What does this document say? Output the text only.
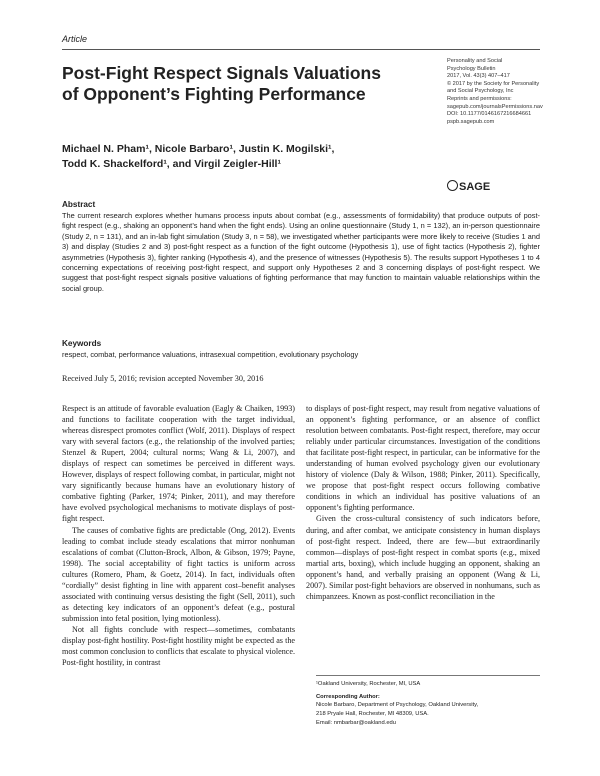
Article
Post-Fight Respect Signals Valuations
of Opponent’s Fighting Performance
Personality and Social
Psychology Bulletin
2017, Vol. 43(3) 407–417
© 2017 by the Society for Personality
and Social Psychology, Inc
Reprints and permissions:
sagepub.com/journalsPermissions.nav
DOI: 10.1177/0146167216684661
pspb.sagepub.com
SAGE
Michael N. Pham¹, Nicole Barbaro¹, Justin K. Mogilski¹,
Todd K. Shackelford¹, and Virgil Zeigler-Hill¹
Abstract
The current research explores whether humans process inputs about combat (e.g., assessments of formidability) that produce outputs of post-fight respect (e.g., shaking an opponent’s hand when the fight ends). Using an online questionnaire (Study 1, n = 132), an in-person questionnaire (Study 2, n = 131), and an in-lab fight simulation (Study 3, n = 58), we investigated whether participants were more likely to receive (Studies 1 and 3) and display (Studies 2 and 3) post-fight respect as a function of the fight outcome (Hypothesis 1), use of fight tactics (Hypothesis 2), fighter asymmetries (Hypothesis 3), fighter ranking (Hypothesis 4), and the presence of witnesses (Hypothesis 5). The results support Hypotheses 1 to 4 concerning expectations of receiving post-fight respect, and support only Hypotheses 2 and 3 concerning displays of post-fight respect. We suggest that post-fight respect signals positive valuations of fighting performance that may function to maintain valuable relationships within the social group.
Keywords
respect, combat, performance valuations, intrasexual competition, evolutionary psychology
Received July 5, 2016; revision accepted November 30, 2016

Respect is an attitude of favorable evaluation (Eagly & Chaiken, 1993) and functions to facilitate cooperation with the target individual, whereas disrespect promotes conflict (Wolf, 2011). Displays of respect vary with several factors (e.g., the relationship of the involved parties; Stenzel & Rupert, 2004; cultural norms; Wang & Li, 2007), and displays of respect can sometimes be perceived in different ways. However, displays of respect following combat, in particular, might not vary significantly because humans have an evolutionary history of combative fighting (Parker, 1974; Pinker, 2011), and may therefore have evolved psychological mechanisms to motivate displays of post-fight respect.

The causes of combative fights are predictable (Ong, 2012). Events leading to combat include steady escalations that mirror nonhuman escalations of combat (Clutton-Brock, Albon, & Gibson, 1979; Payne, 1998). The social acceptability of fight tactics is uniform across cultures (Romero, Pham, & Goetz, 2014). In fact, individuals often “cordially” desist fighting in line with apparent cost–benefit analyses associated with continuing versus desisting the fight (Sell, 2011), such as detecting key indicators of an opponent’s defeat (e.g., postural submission into fetal position, lying motionless).

Not all fights conclude with respect—sometimes, combatants display post-fight hostility. Post-fight hostility might be expected as the most common conclusion to conflicts that escalate to physical violence. Post-fight hostility, in contrast

to displays of post-fight respect, may result from negative valuations of an opponent’s fighting performance, or an absence of conflict resolution between combatants. Post-fight respect, therefore, may occur reliably under particular circumstances. Investigation of the conditions that facilitate post-fight respect, in particular, can be informative for the understanding of human evolved psychology given our evolutionary history of violence (Daly & Wilson, 1988; Pinker, 2011). Specifically, we propose that post-fight respect occurs following combative conditions in which an individual has positive valuations of an opponent’s fighting performance.

Given the cross-cultural consistency of such indicators before, during, and after combat, we anticipate consistency in human displays of post-fight respect. Indeed, there are few—but extraordinarily common—displays of post-fight respect in combat sports (e.g., mixed martial arts, boxing), which include hugging an opponent, shaking an opponent’s hand, and verbally praising an opponent (Wang & Li, 2007). Similar post-fight behaviors are observed in nonhumans, such as chimpanzees. Known as post-conflict reconciliation in the

¹Oakland University, Rochester, MI, USA
Corresponding Author:
Nicole Barbaro, Department of Psychology, Oakland University,
218 Pryale Hall, Rochester, MI 48309, USA.
Email: nmbarbar@oakland.edu
